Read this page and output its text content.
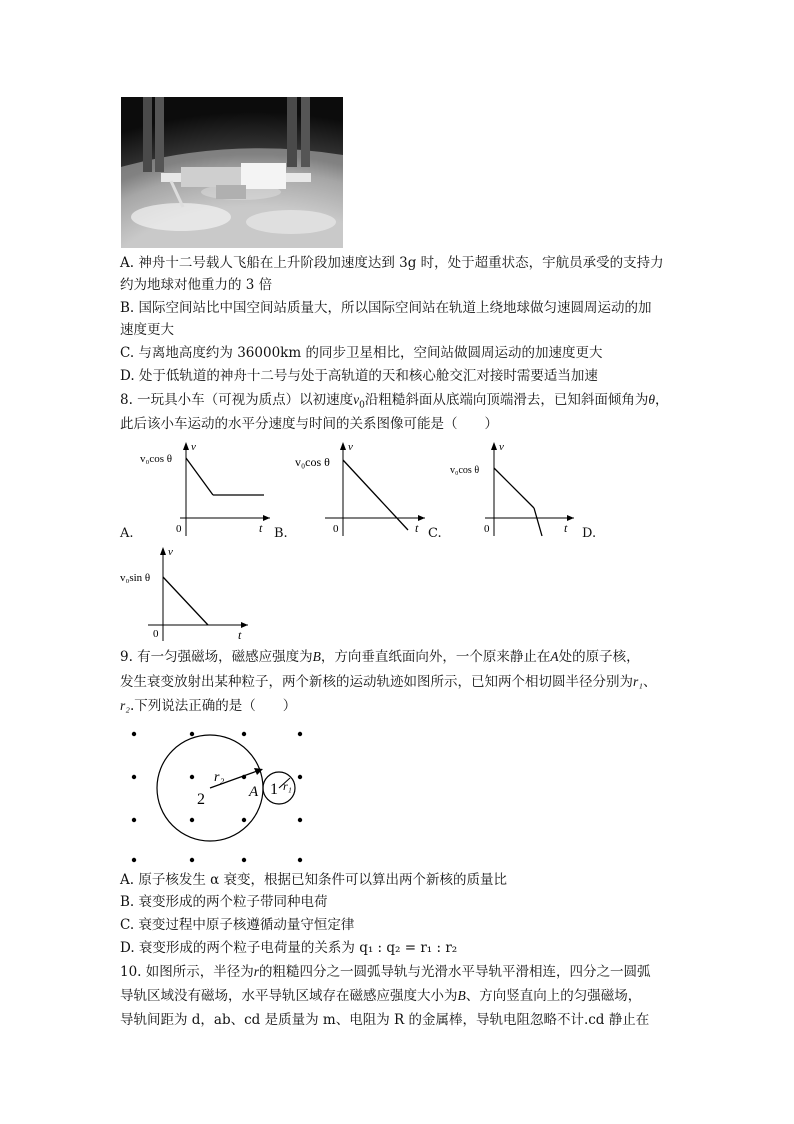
A. 神舟十二号载人飞船在上升阶段加速度达到 3g 时，处于超重状态，宇航员承受的支持力
约为地球对他重力的 3 倍
B. 国际空间站比中国空间站质量大，所以国际空间站在轨道上绕地球做匀速圆周运动的加
速度更大
C. 与离地高度约为 36000km 的同步卫星相比，空间站做圆周运动的加速度更大
D. 处于低轨道的神舟十二号与处于高轨道的天和核心舱交汇对接时需要适当加速
8. 一玩具小车（可视为质点）以初速度$v_0$沿粗糙斜面从底端向顶端滑去，已知斜面倾角为θ，
此后该小车运动的水平分速度与时间的关系图像可能是（　　）
v
t
0
v₀cos θ
A.
v
t
0
v₀cos θ
B.
v
t
0
v₀cos θ
C.	D.
v
t
0
v₀sin θ
9. 有一匀强磁场，磁感应强度为B，方向垂直纸面向外，一个原来静止在A处的原子核，
发生衰变放射出某种粒子，两个新核的运动轨迹如图所示，已知两个相切圆半径分别为r₁、
r₂.下列说法正确的是（　　）
2
1
A
r₂
r₁
A. 原子核发生 α 衰变，根据已知条件可以算出两个新核的质量比
B. 衰变形成的两个粒子带同种电荷
C. 衰变过程中原子核遵循动量守恒定律
D. 衰变形成的两个粒子电荷量的关系为 q₁ : q₂ = r₁ : r₂
10. 如图所示，半径为r的粗糙四分之一圆弧导轨与光滑水平导轨平滑相连，四分之一圆弧
导轨区域没有磁场，水平导轨区域存在磁感应强度大小为B、方向竖直向上的匀强磁场，
导轨间距为 d，ab、cd 是质量为 m、电阻为 R 的金属棒，导轨电阻忽略不计.cd 静止在
